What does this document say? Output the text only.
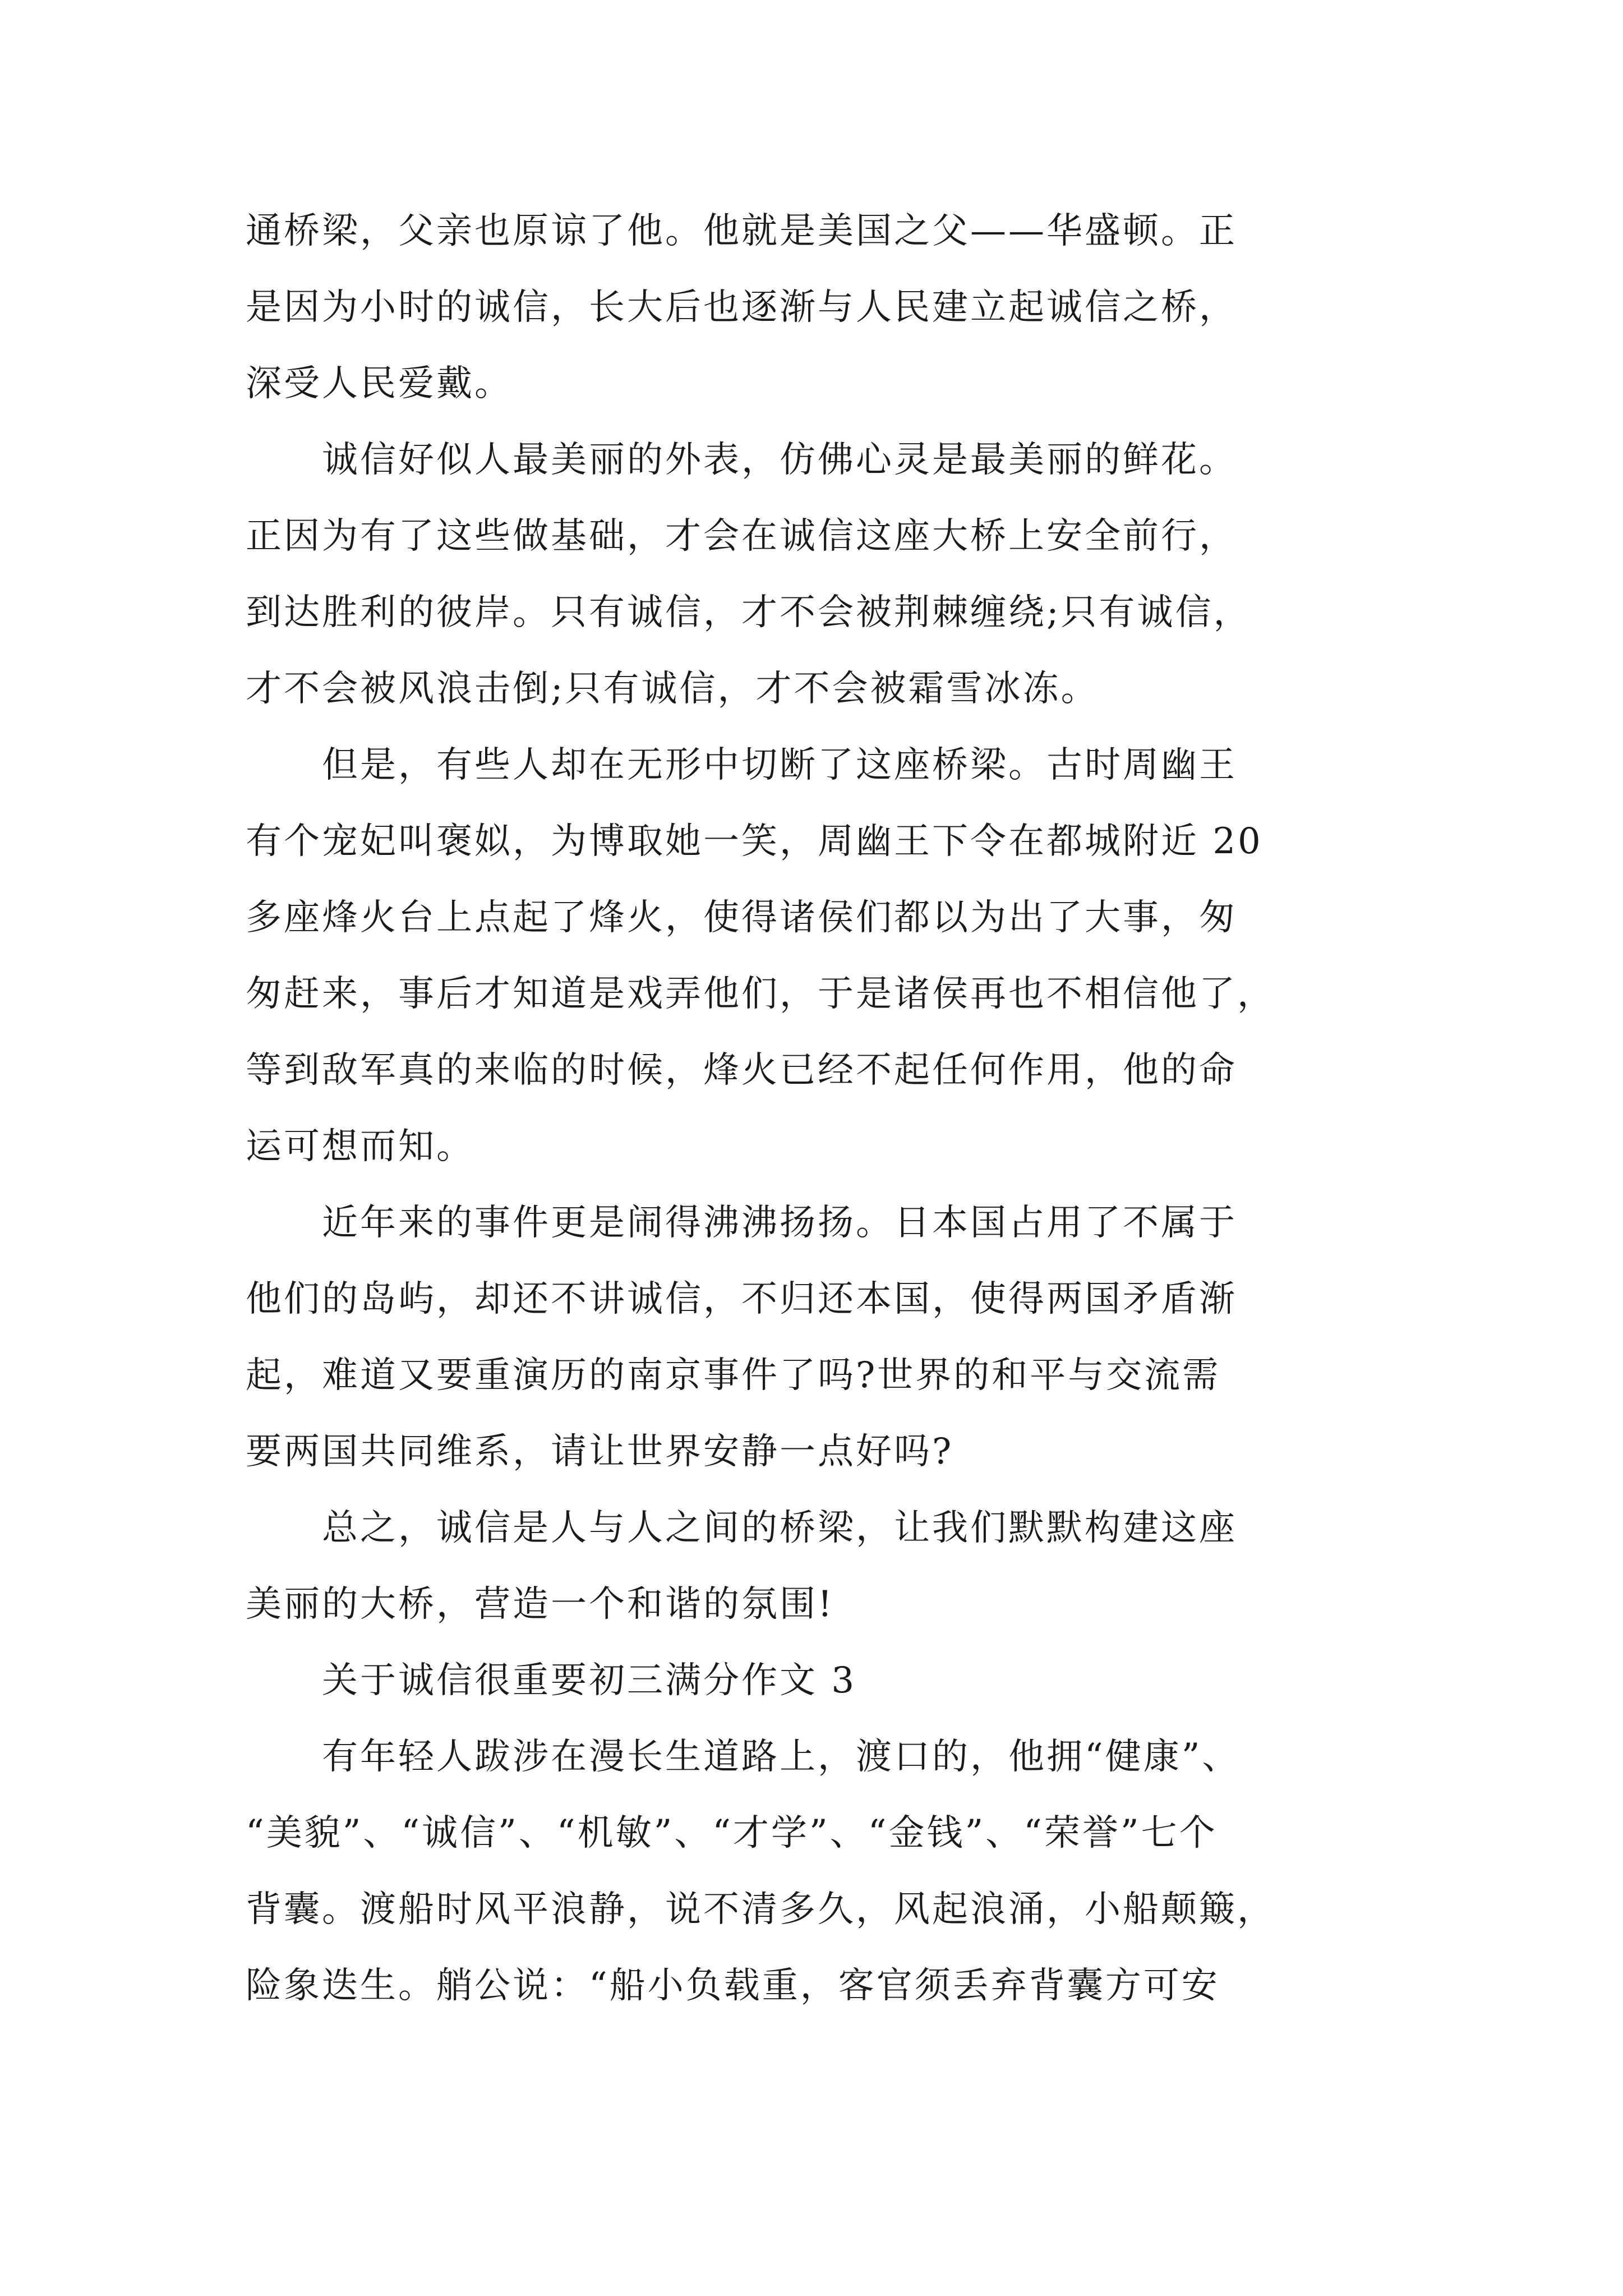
通桥梁，父亲也原谅了他。他就是美国之父——华盛顿。正
是因为小时的诚信，长大后也逐渐与人民建立起诚信之桥，
深受人民爱戴。
　　诚信好似人最美丽的外表，仿佛心灵是最美丽的鲜花。
正因为有了这些做基础，才会在诚信这座大桥上安全前行，
到达胜利的彼岸。只有诚信，才不会被荆棘缠绕;只有诚信，
才不会被风浪击倒;只有诚信，才不会被霜雪冰冻。
　　但是，有些人却在无形中切断了这座桥梁。古时周幽王
有个宠妃叫褒姒，为博取她一笑，周幽王下令在都城附近 20
多座烽火台上点起了烽火，使得诸侯们都以为出了大事，匆
匆赶来，事后才知道是戏弄他们，于是诸侯再也不相信他了，
等到敌军真的来临的时候，烽火已经不起任何作用，他的命
运可想而知。
　　近年来的事件更是闹得沸沸扬扬。日本国占用了不属于
他们的岛屿，却还不讲诚信，不归还本国，使得两国矛盾渐
起，难道又要重演历的南京事件了吗?世界的和平与交流需
要两国共同维系，请让世界安静一点好吗?
　　总之，诚信是人与人之间的桥梁，让我们默默构建这座
美丽的大桥，营造一个和谐的氛围!
　　关于诚信很重要初三满分作文 3
　　有年轻人跋涉在漫长生道路上，渡口的，他拥“健康”、
“美貌”、“诚信”、“机敏”、“才学”、“金钱”、“荣誉”七个
背囊。渡船时风平浪静，说不清多久，风起浪涌，小船颠簸，
险象迭生。艄公说：“船小负载重，客官须丢弃背囊方可安
